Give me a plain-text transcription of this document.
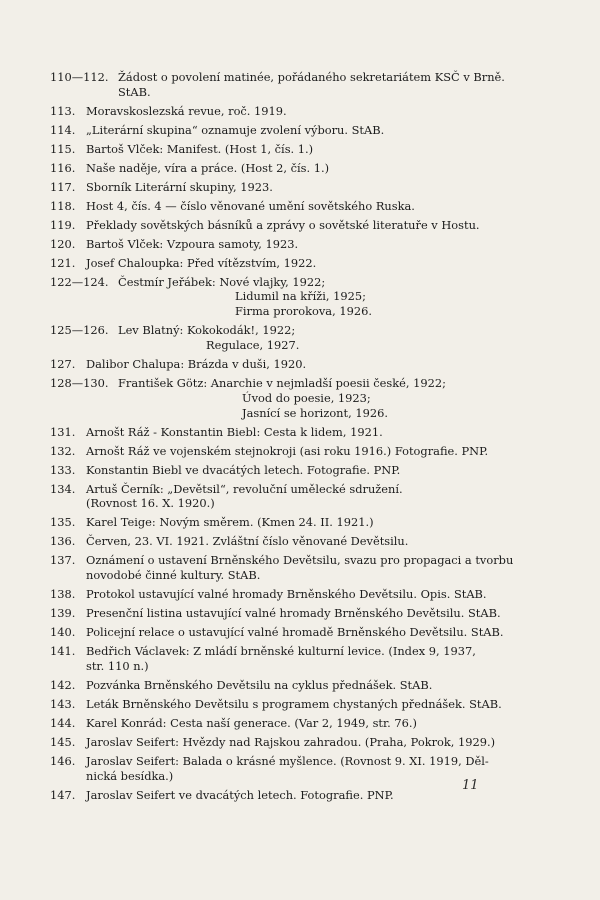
110—112. Žádost o povolení matinée, pořádaného sekretariátem KSČ v Brně.
StAB.
113. Moravskoslezská revue, roč. 1919.
114. „Literární skupina“ oznamuje zvolení výboru. StAB.
115. Bartoš Vlček: Manifest. (Host 1, čís. 1.)
116. Naše naděje, víra a práce. (Host 2, čís. 1.)
117. Sborník Literární skupiny, 1923.
118. Host 4, čís. 4 — číslo věnované umění sovětského Ruska.
119. Překlady sovětských básníků a zprávy o sovětské literatuře v Hostu.
120. Bartoš Vlček: Vzpoura samoty, 1923.
121. Josef Chaloupka: Před vítězstvím, 1922.
122—124. Čestmír Jeřábek: Nové vlajky, 1922;
Lidumil na kříži, 1925;
Firma prorokova, 1926.
125—126. Lev Blatný: Kokokodák!, 1922;
Regulace, 1927.
127. Dalibor Chalupa: Brázda v duši, 1920.
128—130. František Götz: Anarchie v nejmladší poesii české, 1922;
Úvod do poesie, 1923;
Jasnící se horizont, 1926.
131. Arnošt Ráž - Konstantin Biebl: Cesta k lidem, 1921.
132. Arnošt Ráž ve vojenském stejnokroji (asi roku 1916.) Fotografie. PNP.
133. Konstantin Biebl ve dvacátých letech. Fotografie. PNP.
134. Artuš Černík: „Devětsil“, revoluční umělecké sdružení.
(Rovnost 16. X. 1920.)
135. Karel Teige: Novým směrem. (Kmen 24. II. 1921.)
136. Červen, 23. VI. 1921. Zvláštní číslo věnované Devětsilu.
137. Oznámení o ustavení Brněnského Devětsilu, svazu pro propagaci a tvorbu
novodobé činné kultury. StAB.
138. Protokol ustavující valné hromady Brněnského Devětsilu. Opis. StAB.
139. Presenční listina ustavující valné hromady Brněnského Devětsilu. StAB.
140. Policejní relace o ustavující valné hromadě Brněnského Devětsilu. StAB.
141. Bedřich Václavek: Z mládí brněnské kulturní levice. (Index 9, 1937,
str. 110 n.)
142. Pozvánka Brněnského Devětsilu na cyklus přednášek. StAB.
143. Leták Brněnského Devětsilu s programem chystaných přednášek. StAB.
144. Karel Konrád: Cesta naší generace. (Var 2, 1949, str. 76.)
145. Jaroslav Seifert: Hvězdy nad Rajskou zahradou. (Praha, Pokrok, 1929.)
146. Jaroslav Seifert: Balada o krásné myšlence. (Rovnost 9. XI. 1919, Děl-
nická besídka.)
147. Jaroslav Seifert ve dvacátých letech. Fotografie. PNP.
11
